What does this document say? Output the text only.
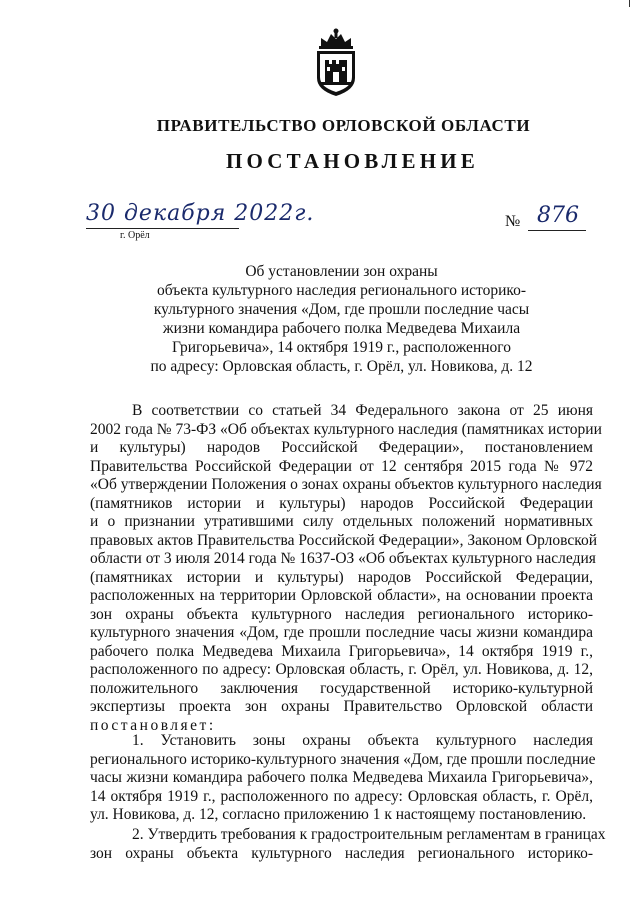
ПРАВИТЕЛЬСТВО ОРЛОВСКОЙ ОБЛАСТИ
ПОСТАНОВЛЕНИЕ
30 декабря 2022г.
г. Орёл
№ 876
Об установлении зон охраны
объекта культурного наследия регионального историко-
культурного значения «Дом, где прошли последние часы
жизни командира рабочего полка Медведева Михаила
Григорьевича», 14 октября 1919 г., расположенного
по адресу: Орловская область, г. Орёл, ул. Новикова, д. 12
В соответствии со статьей 34 Федерального закона от 25 июня
2002 года № 73-ФЗ «Об объектах культурного наследия (памятниках истории
и культуры) народов Российской Федерации», постановлением
Правительства Российской Федерации от 12 сентября 2015 года № 972
«Об утверждении Положения о зонах охраны объектов культурного наследия
(памятников истории и культуры) народов Российской Федерации
и о признании утратившими силу отдельных положений нормативных
правовых актов Правительства Российской Федерации», Законом Орловской
области от 3 июля 2014 года № 1637-ОЗ «Об объектах культурного наследия
(памятниках истории и культуры) народов Российской Федерации,
расположенных на территории Орловской области», на основании проекта
зон охраны объекта культурного наследия регионального историко-
культурного значения «Дом, где прошли последние часы жизни командира
рабочего полка Медведева Михаила Григорьевича», 14 октября 1919 г.,
расположенного по адресу: Орловская область, г. Орёл, ул. Новикова, д. 12,
положительного заключения государственной историко-культурной
экспертизы проекта зон охраны Правительство Орловской области
постановляет:
1. Установить зоны охраны объекта культурного наследия
регионального историко-культурного значения «Дом, где прошли последние
часы жизни командира рабочего полка Медведева Михаила Григорьевича»,
14 октября 1919 г., расположенного по адресу: Орловская область, г. Орёл,
ул. Новикова, д. 12, согласно приложению 1 к настоящему постановлению.
2. Утвердить требования к градостроительным регламентам в границах
зон охраны объекта культурного наследия регионального историко-
